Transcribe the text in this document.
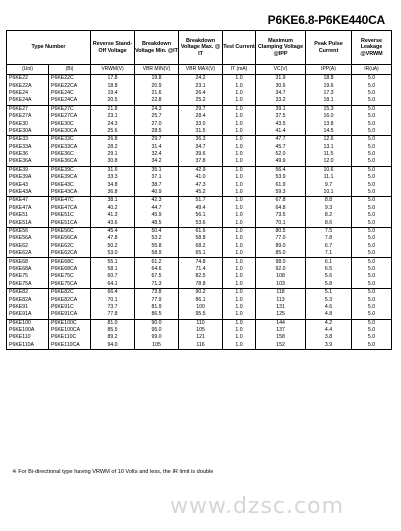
P6KE6.8-P6KE440CA
Type Number		Reverse Stand-Off Voltage	Breakdown Voltage Min. @IT	Breakdown Voltage Max. @ IT	Test Current	Maximum Clamping Voltage @IPP	Peak Pulse Current	Reverse Leakage @VRWM
(Uni)	(Bi)	VRWM(V)	VBR MIN(V)	VBR MAX(V)	IT (mA)	VC(V)	IPP(A)	IR(uA)
P6KE22	P6KE22C	17.8	19.8	24.2	1.0	31.9	18.8	5.0
P6KE22A	P6KE22CA	18.8	20.9	23.1	1.0	30.6	19.6	5.0
P6KE24	P6KE24C	19.4	21.6	26.4	1.0	34.7	17.3	5.0
P6KE24A	P6KE24CA	20.5	22.8	25.2	1.0	33.2	18.1	5.0
P6KE27	P6KE27C	21.8	24.3	29.7	1.0	39.1	15.3	5.0
P6KE27A	P6KE27CA	23.1	25.7	28.4	1.0	37.5	16.0	5.0
P6KE30	P6KE30C	24.3	27.0	33.0	1.0	43.5	13.8	5.0
P6KE30A	P6KE30CA	25.6	28.5	31.5	1.0	41.4	14.5	5.0
P6KE33	P6KE33C	26.8	29.7	36.3	1.0	47.7	12.6	5.0
P6KE33A	P6KE33CA	28.2	31.4	34.7	1.0	45.7	13.1	5.0
P6KE36	P6KE36C	29.1	32.4	39.6	1.0	52.0	11.5	5.0
P6KE36A	P6KE36CA	30.8	34.2	37.8	1.0	49.9	12.0	5.0
P6KE39	P6KE39C	31.6	35.1	42.9	1.0	56.4	10.6	5.0
P6KE39A	P6KE39CA	33.3	37.1	41.0	1.0	53.9	11.1	5.0
P6KE43	P6KE43C	34.8	38.7	47.3	1.0	61.9	9.7	5.0
P6KE43A	P6KE43CA	36.8	40.9	45.2	1.0	59.3	10.1	5.0
P6KE47	P6KE47C	38.1	42.3	51.7	1.0	67.8	8.8	5.0
P6KE47A	P6KE47CA	40.2	44.7	49.4	1.0	64.8	9.3	5.0
P6KE51	P6KE51C	41.3	45.9	56.1	1.0	73.5	8.2	5.0
P6KE51A	P6KE51CA	43.6	48.5	53.6	1.0	70.1	8.6	5.0
P6KE56	P6KE56C	45.4	50.4	61.6	1.0	80.5	7.5	5.0
P6KE56A	P6KE56CA	47.8	53.2	58.8	1.0	77.0	7.8	5.0
P6KE62	P6KE62C	50.2	55.8	68.2	1.0	89.0	6.7	5.0
P6KE62A	P6KE62CA	53.0	58.9	65.1	1.0	85.0	7.1	5.0
P6KE68	P6KE68C	55.1	61.2	74.8	1.0	98.0	6.1	5.0
P6KE68A	P6KE68CA	58.1	64.6	71.4	1.0	92.0	6.5	5.0
P6KE75	P6KE75C	60.7	67.5	82.5	1.0	108	5.6	5.0
P6KE75A	P6KE75CA	64.1	71.3	78.8	1.0	103	5.8	5.0
P6KE82	P6KE82C	66.4	73.8	90.2	1.0	118	5.1	5.0
P6KE82A	P6KE82CA	70.1	77.9	86.1	1.0	113	5.3	5.0
P6KE91	P6KE91C	73.7	81.9	100	1.0	131	4.6	5.0
P6KE91A	P6KE91CA	77.8	86.5	95.5	1.0	125	4.8	5.0
P6KE100	P6KE100C	81.0	90.0	110	1.0	144	4.2	5.0
P6KE100A	P6KE100CA	85.5	95.0	105	1.0	137	4.4	5.0
P6KE110	P6KE110C	89.2	99.0	121	1.0	158	3.8	5.0
P6KE110A	P6KE110CA	94.0	105	116	1.0	152	3.9	5.0
※ For Bi-directional type having VRWM of 10 Volts and less, the IR limit is double
www.dzsc.com
